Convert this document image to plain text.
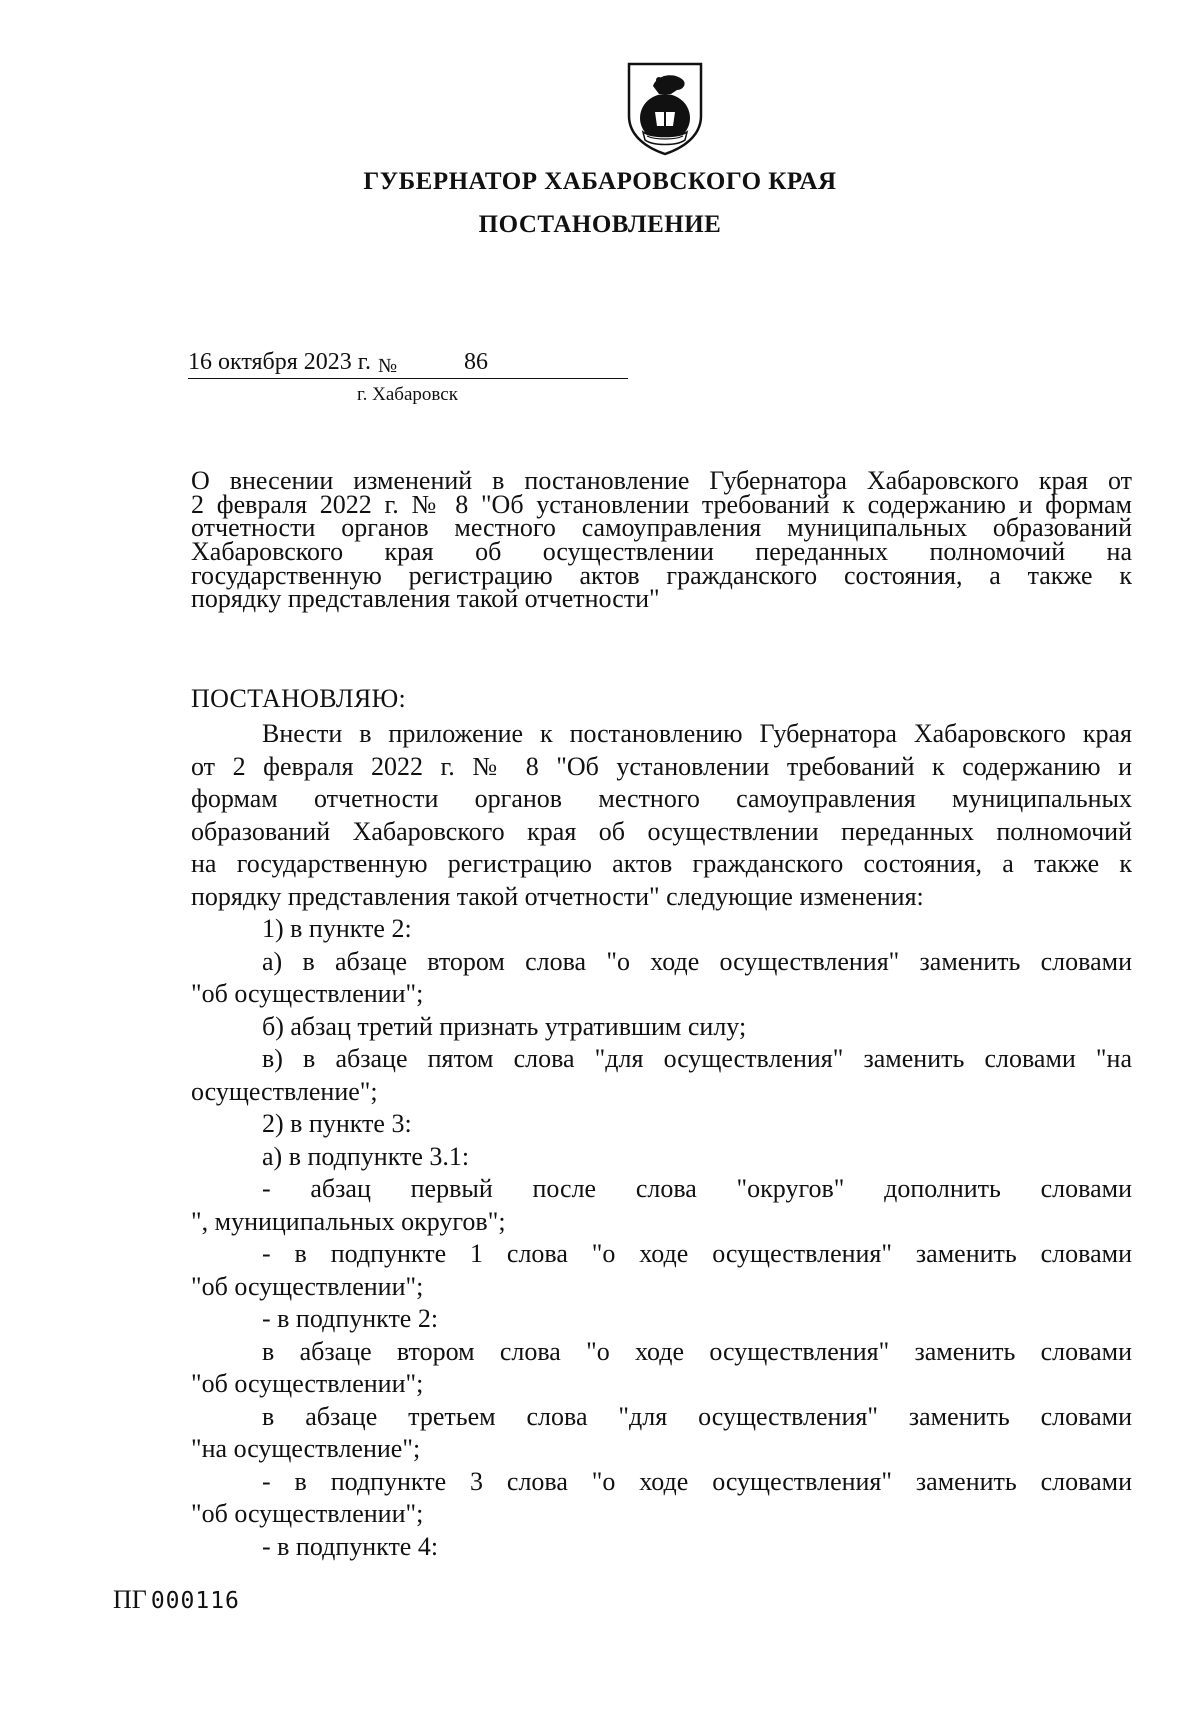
ГУБЕРНАТОР ХАБАРОВСКОГО КРАЯ
ПОСТАНОВЛЕНИЕ
16 октября 2023 г. №	86
г. Хабаровск
О внесении изменений в постановление Губернатора Хабаровского края от
2 февраля 2022 г. № 8 "Об установлении требований к содержанию и формам
отчетности органов местного самоуправления муниципальных образований
Хабаровского края об осуществлении переданных полномочий на
государственную регистрацию актов гражданского состояния, а также к
порядку представления такой отчетности"
ПОСТАНОВЛЯЮ:
Внести в приложение к постановлению Губернатора Хабаровского края
от 2 февраля 2022 г. № 8 "Об установлении требований к содержанию и
формам отчетности органов местного самоуправления муниципальных
образований Хабаровского края об осуществлении переданных полномочий
на государственную регистрацию актов гражданского состояния, а также к
порядку представления такой отчетности" следующие изменения:
1) в пункте 2:
а) в абзаце втором слова "о ходе осуществления" заменить словами
"об осуществлении";
б) абзац третий признать утратившим силу;
в) в абзаце пятом слова "для осуществления" заменить словами "на
осуществление";
2) в пункте 3:
а) в подпункте 3.1:
- абзац первый после слова "округов" дополнить словами
", муниципальных округов";
- в подпункте 1 слова "о ходе осуществления" заменить словами
"об осуществлении";
- в подпункте 2:
в абзаце втором слова "о ходе осуществления" заменить словами
"об осуществлении";
в абзаце третьем слова "для осуществления" заменить словами
"на осуществление";
- в подпункте 3 слова "о ходе осуществления" заменить словами
"об осуществлении";
- в подпункте 4:
ПГ 000116
